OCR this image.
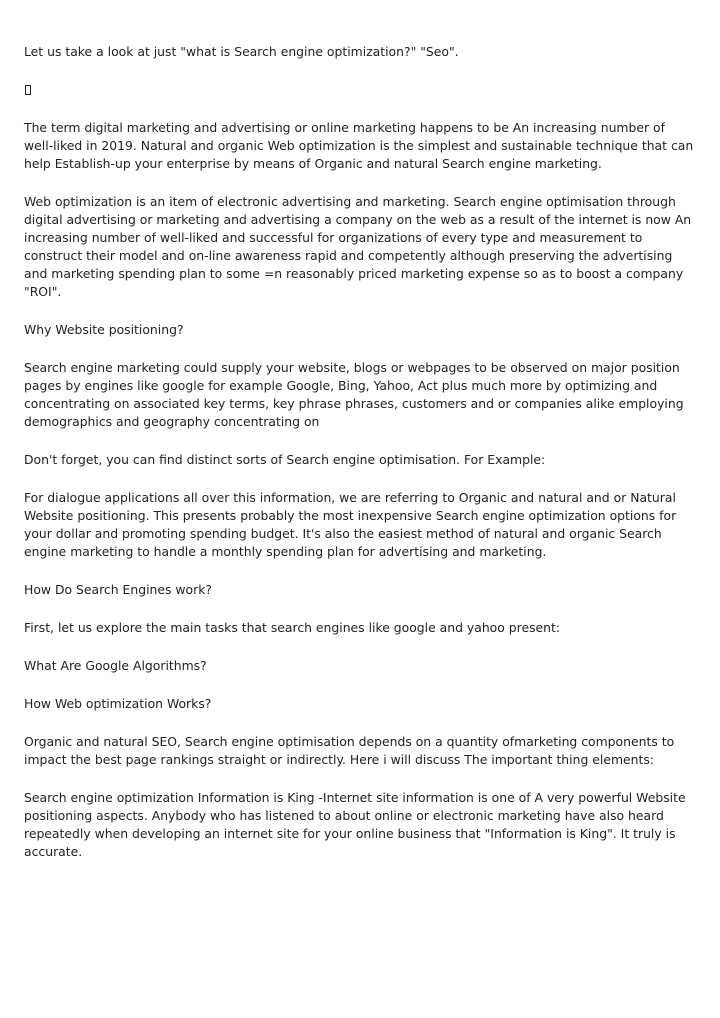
Let us take a look at just "what is Search engine optimization?" "Seo".

The term digital marketing and advertising or online marketing happens to be An increasing number of well-liked in 2019. Natural and organic Web optimization is the simplest and sustainable technique that can help Establish-up your enterprise by means of Organic and natural Search engine marketing.

Web optimization is an item of electronic advertising and marketing. Search engine optimisation through digital advertising or marketing and advertising a company on the web as a result of the internet is now An increasing number of well-liked and successful for organizations of every type and measurement to construct their model and on-line awareness rapid and competently although preserving the advertising and marketing spending plan to some =n reasonably priced marketing expense so as to boost a company "ROI".

Why Website positioning?

Search engine marketing could supply your website, blogs or webpages to be observed on major position pages by engines like google for example Google, Bing, Yahoo, Act plus much more by optimizing and concentrating on associated key terms, key phrase phrases, customers and or companies alike employing demographics and geography concentrating on

Don't forget, you can find distinct sorts of Search engine optimisation. For Example:

For dialogue applications all over this information, we are referring to Organic and natural and or Natural Website positioning. This presents probably the most inexpensive Search engine optimization options for your dollar and promoting spending budget. It's also the easiest method of natural and organic Search engine marketing to handle a monthly spending plan for advertising and marketing.

How Do Search Engines work?

First, let us explore the main tasks that search engines like google and yahoo present:

What Are Google Algorithms?

How Web optimization Works?

Organic and natural SEO, Search engine optimisation depends on a quantity ofmarketing components to impact the best page rankings straight or indirectly. Here i will discuss The important thing elements:

Search engine optimization Information is King -Internet site information is one of A very powerful Website positioning aspects. Anybody who has listened to about online or electronic marketing have also heard repeatedly when developing an internet site for your online business that "Information is King". It truly is accurate.
